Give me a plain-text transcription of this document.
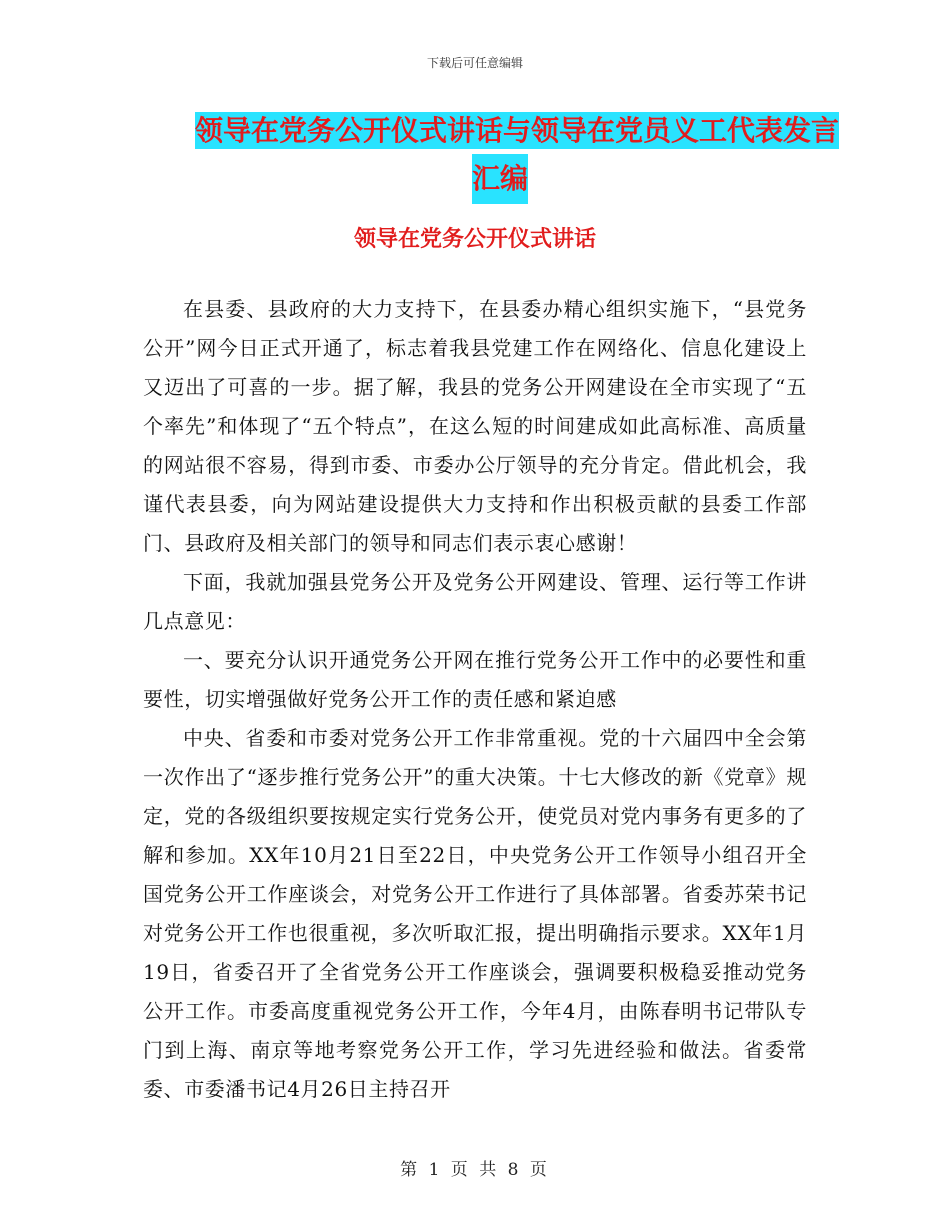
下载后可任意编辑
领导在党务公开仪式讲话与领导在党员义工代表发言
汇编
领导在党务公开仪式讲话

在县委、县政府的大力支持下，在县委办精心组织实施下，“县党务公开”网今日正式开通了，标志着我县党建工作在网络化、信息化建设上又迈出了可喜的一步。据了解，我县的党务公开网建设在全市实现了“五个率先”和体现了“五个特点”，在这么短的时间建成如此高标准、高质量的网站很不容易，得到市委、市委办公厅领导的充分肯定。借此机会，我谨代表县委，向为网站建设提供大力支持和作出积极贡献的县委工作部门、县政府及相关部门的领导和同志们表示衷心感谢！

下面，我就加强县党务公开及党务公开网建设、管理、运行等工作讲几点意见：

一、要充分认识开通党务公开网在推行党务公开工作中的必要性和重要性，切实增强做好党务公开工作的责任感和紧迫感

中央、省委和市委对党务公开工作非常重视。党的十六届四中全会第一次作出了“逐步推行党务公开”的重大决策。十七大修改的新《党章》规定，党的各级组织要按规定实行党务公开，使党员对党内事务有更多的了解和参加。XX年10月21日至22日，中央党务公开工作领导小组召开全国党务公开工作座谈会，对党务公开工作进行了具体部署。省委苏荣书记对党务公开工作也很重视，多次听取汇报，提出明确指示要求。XX年1月19日，省委召开了全省党务公开工作座谈会，强调要积极稳妥推动党务公开工作。市委高度重视党务公开工作，今年4月，由陈春明书记带队专门到上海、南京等地考察党务公开工作，学习先进经验和做法。省委常委、市委潘书记4月26日主持召开

第 1 页 共 8 页
